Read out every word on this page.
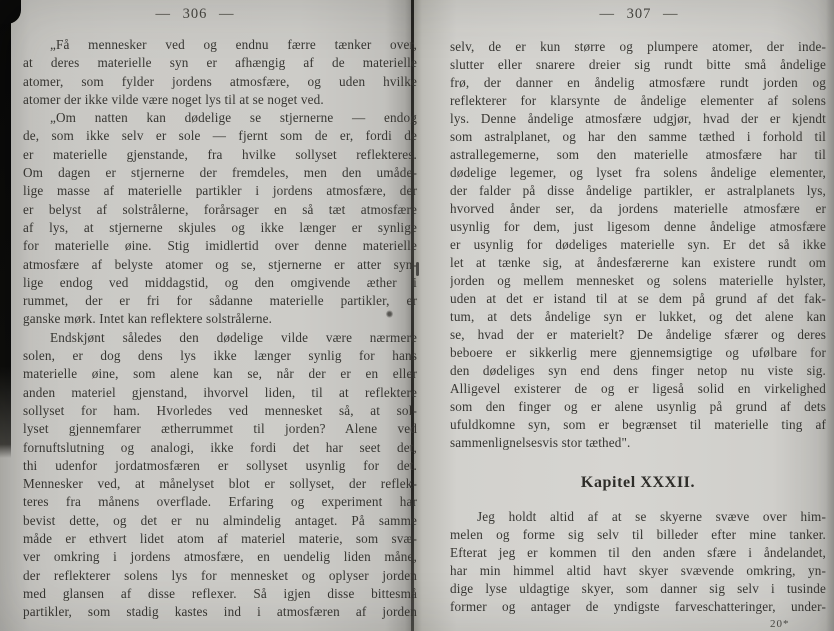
— 306 —	— 307 —
„Få mennesker ved og endnu færre tænker over,
at deres materielle syn er afhængig af de materielle
atomer, som fylder jordens atmosfære, og uden hvilke
atomer der ikke vilde være noget lys til at se noget ved.
„Om natten kan dødelige se stjernerne — endog
de, som ikke selv er sole — fjernt som de er, fordi de
er materielle gjenstande, fra hvilke sollyset reflekteres.
Om dagen er stjernerne der fremdeles, men den umåde-
lige masse af materielle partikler i jordens atmosfære, der
er belyst af solstrålerne, forårsager en så tæt atmosfære
af lys, at stjernerne skjules og ikke længer er synlige
for materielle øine. Stig imidlertid over denne materielle
atmosfære af belyste atomer og se, stjernerne er atter syn-
lige endog ved middagstid, og den omgivende æther i
rummet, der er fri for sådanne materielle partikler, er
ganske mørk. Intet kan reflektere solstrålerne.
Endskjønt således den dødelige vilde være nærmere
solen, er dog dens lys ikke længer synlig for hans
materielle øine, som alene kan se, når der er en eller
anden materiel gjenstand, ihvorvel liden, til at reflektere
sollyset for ham. Hvorledes ved mennesket så, at sol-
lyset gjennemfarer ætherrummet til jorden? Alene ved
fornuftslutning og analogi, ikke fordi det har seet det,
thi udenfor jordatmosfæren er sollyset usynlig for det.
Mennesker ved, at månelyset blot er sollyset, der reflek-
teres fra månens overflade. Erfaring og experiment har
bevist dette, og det er nu almindelig antaget. På samme
måde er ethvert lidet atom af materiel materie, som svæ-
ver omkring i jordens atmosfære, en uendelig liden måne,
der reflekterer solens lys for mennesket og oplyser jorden
med glansen af disse reflexer. Så igjen disse bittesmå
partikler, som stadig kastes ind i atmosfæren af jorden
selv, de er kun større og plumpere atomer, der inde-
slutter eller snarere dreier sig rundt bitte små åndelige
frø, der danner en åndelig atmosfære rundt jorden og
reflekterer for klarsynte de åndelige elementer af solens
lys. Denne åndelige atmosfære udgjør, hvad der er kjendt
som astralplanet, og har den samme tæthed i forhold til
astrallegemerne, som den materielle atmosfære har til
dødelige legemer, og lyset fra solens åndelige elementer,
der falder på disse åndelige partikler, er astralplanets lys,
hvorved ånder ser, da jordens materielle atmosfære er
usynlig for dem, just ligesom denne åndelige atmosfære
er usynlig for dødeliges materielle syn. Er det så ikke
let at tænke sig, at åndesfærerne kan existere rundt om
jorden og mellem mennesket og solens materielle hylster,
uden at det er istand til at se dem på grund af det fak-
tum, at dets åndelige syn er lukket, og det alene kan
se, hvad der er materielt? De åndelige sfærer og deres
beboere er sikkerlig mere gjennemsigtige og ufølbare for
den dødeliges syn end dens finger netop nu viste sig.
Alligevel existerer de og er ligeså solid en virkelighed
som den finger og er alene usynlig på grund af dets
ufuldkomne syn, som er begrænset til materielle ting af
sammenlignelsesvis stor tæthed".
Kapitel XXXII.
Jeg holdt altid af at se skyerne svæve over him-
melen og forme sig selv til billeder efter mine tanker.
Efterat jeg er kommen til den anden sfære i åndelandet,
har min himmel altid havt skyer svævende omkring, yn-
dige lyse uldagtige skyer, som danner sig selv i tusinde
former og antager de yndigste farveschatteringer, under-
20*
